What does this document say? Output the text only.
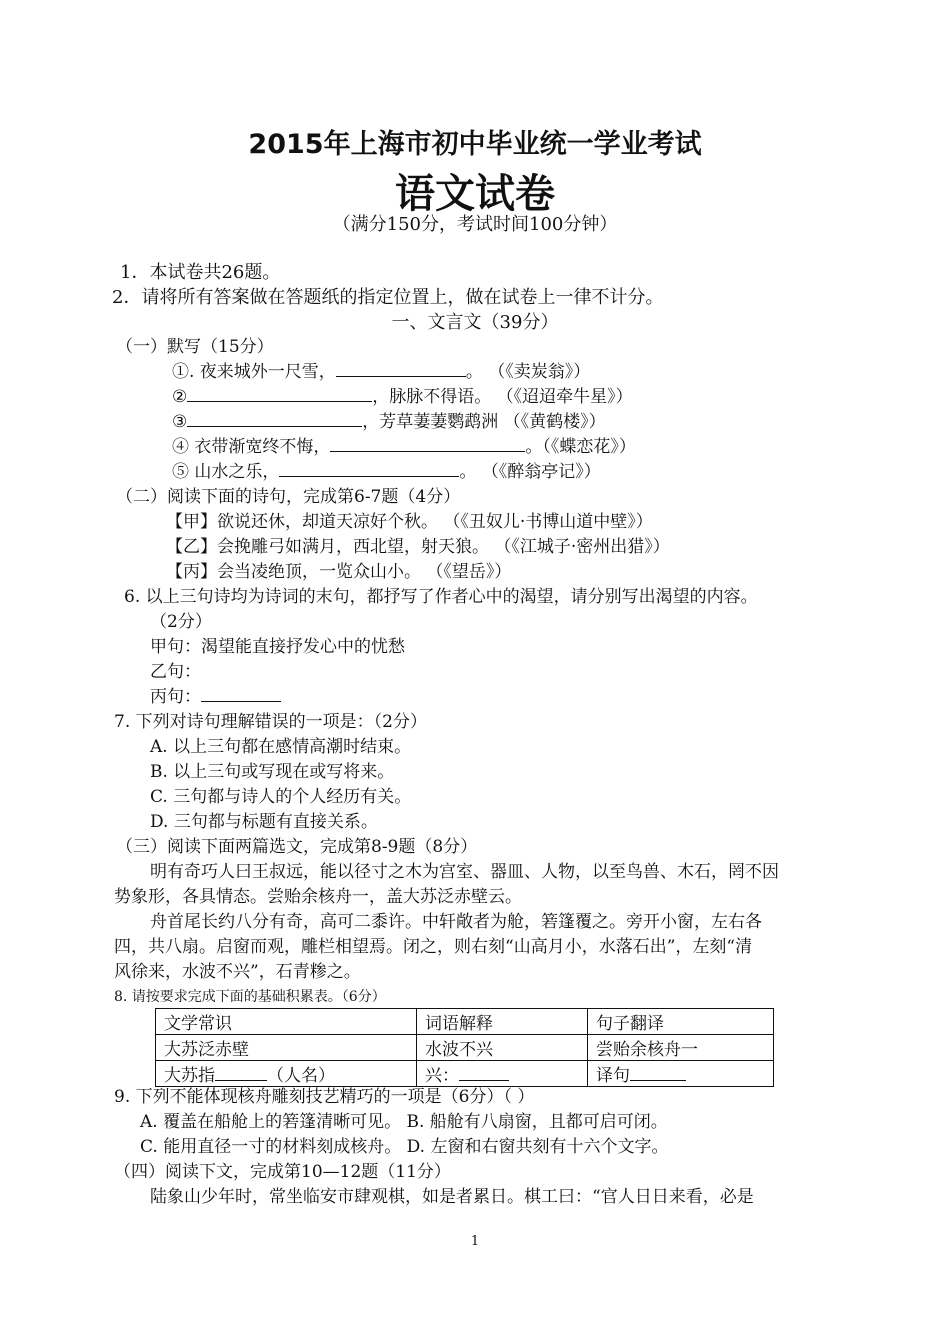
2015年上海市初中毕业统一学业考试
语文试卷
（满分150分，考试时间100分钟）
1．本试卷共26题。
2．请将所有答案做在答题纸的指定位置上，做在试卷上一律不计分。
一、文言文（39分）
（一）默写（15分）
①. 夜来城外一尺雪，	。 （《卖炭翁》）
②	，脉脉不得语。 （《迢迢牵牛星》）
③	，芳草萋萋鹦鹉洲 （《黄鹤楼》）
④ 衣带渐宽终不悔，	。（《蝶恋花》）
⑤ 山水之乐，	。 （《醉翁亭记》）
（二）阅读下面的诗句，完成第6-7题（4分）
【甲】欲说还休，却道天凉好个秋。 （《丑奴儿·书博山道中壁》）
【乙】会挽雕弓如满月，西北望，射天狼。 （《江城子·密州出猎》）
【丙】会当凌绝顶，一览众山小。 （《望岳》）
6. 以上三句诗均为诗词的末句，都抒写了作者心中的渴望，请分别写出渴望的内容。
（2分）
甲句：渴望能直接抒发心中的忧愁
乙句：
丙句：
7. 下列对诗句理解错误的一项是：（2分）
A. 以上三句都在感情高潮时结束。
B. 以上三句或写现在或写将来。
C. 三句都与诗人的个人经历有关。
D. 三句都与标题有直接关系。
（三）阅读下面两篇选文，完成第8-9题（8分）
明有奇巧人曰王叔远，能以径寸之木为宫室、器皿、人物，以至鸟兽、木石，罔不因
势象形，各具情态。尝贻余核舟一，盖大苏泛赤壁云。
舟首尾长约八分有奇，高可二黍许。中轩敞者为舱，箬篷覆之。旁开小窗，左右各
四，共八扇。启窗而观，雕栏相望焉。闭之，则右刻“山高月小，水落石出”，左刻“清
风徐来，水波不兴”，石青糁之。
8. 请按要求完成下面的基础积累表。（6分）
文学常识	词语解释	句子翻译
大苏泛赤壁	水波不兴	尝贻余核舟一
大苏指 （人名）	兴：	译句
9. 下列不能体现核舟雕刻技艺精巧的一项是（6分）（ ）
A. 覆盖在船舱上的箬篷清晰可见。 B. 船舱有八扇窗，且都可启可闭。
C. 能用直径一寸的材料刻成核舟。 D. 左窗和右窗共刻有十六个文字。
（四）阅读下文，完成第10—12题（11分）
陆象山少年时，常坐临安市肆观棋，如是者累日。棋工曰：“官人日日来看，必是
1
